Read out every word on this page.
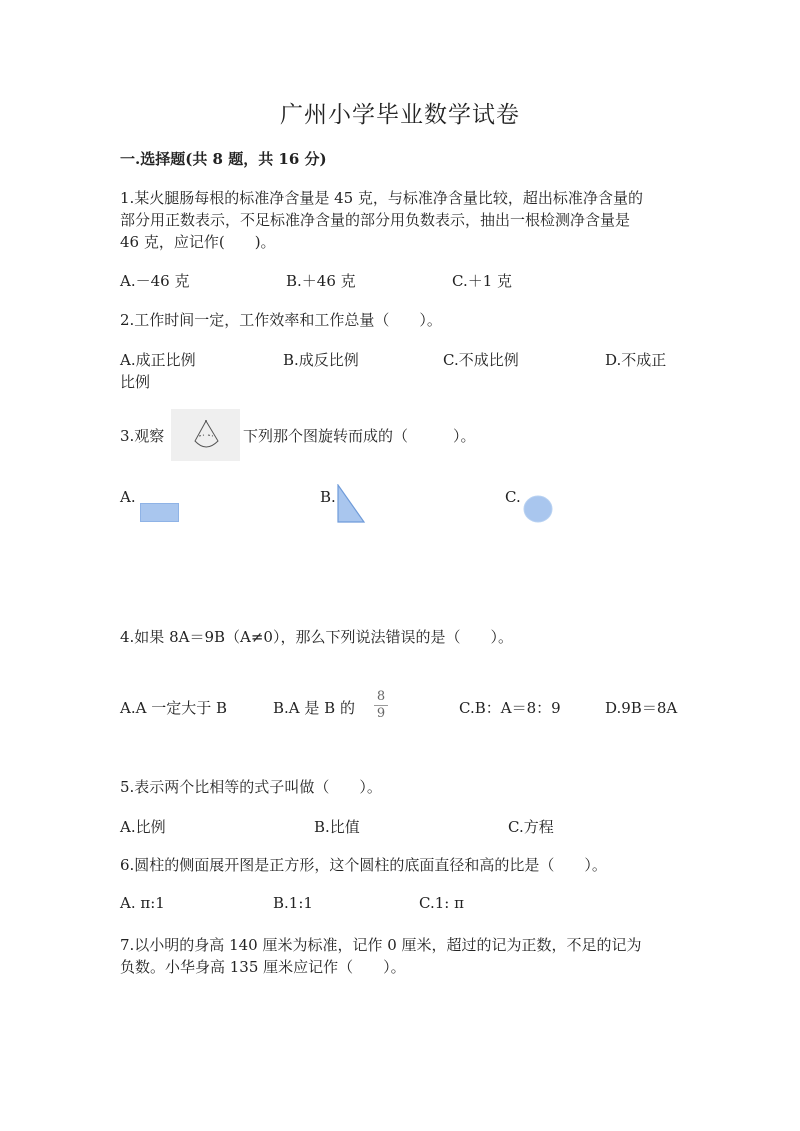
广州小学毕业数学试卷
一.选择题(共 8 题，共 16 分)
1.某火腿肠每根的标准净含量是 45 克，与标准净含量比较，超出标准净含量的
部分用正数表示，不足标准净含量的部分用负数表示，抽出一根检测净含量是
46 克，应记作(　　)。
A.－46 克	B.＋46 克	C.＋1 克
2.工作时间一定，工作效率和工作总量（　　）。
A.成正比例	B.成反比例	C.不成比例	D.不成正
比例
3.观察	下列那个图旋转而成的（　　　）。
A.	B.	C.
4.如果 8A＝9B（A≠0），那么下列说法错误的是（　　）。
A.A 一定大于 B	B.A 是 B 的
8
9	C.B：A＝8：9	D.9B＝8A
5.表示两个比相等的式子叫做（　　）。
A.比例	B.比值	C.方程
6.圆柱的侧面展开图是正方形，这个圆柱的底面直径和高的比是（　　）。
A. π:1	B.1:1	C.1: π
7.以小明的身高 140 厘米为标准，记作 0 厘米，超过的记为正数，不足的记为
负数。小华身高 135 厘米应记作（　　）。
